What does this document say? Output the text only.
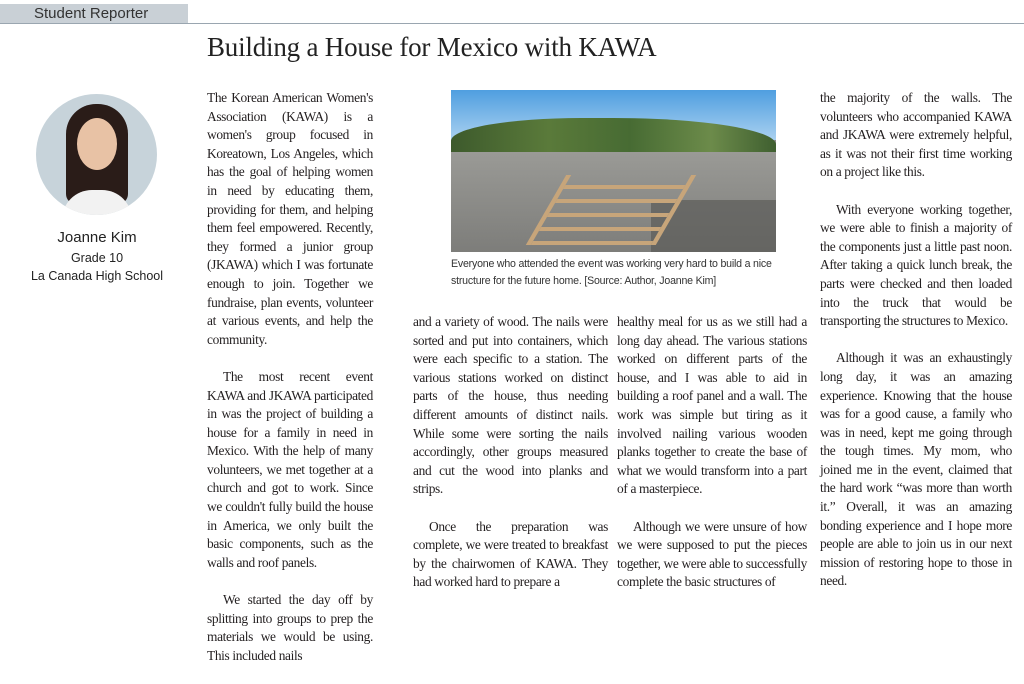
Student Reporter
Building a House for Mexico with KAWA
Joanne Kim
Grade 10
La Canada High School
Everyone who attended the event was working very hard to build a nice structure for the future home. [Source: Author, Joanne Kim]

The Korean American Women's Association (KAWA) is a women's group focused in Koreatown, Los Angeles, which has the goal of helping women in need by educating them, providing for them, and helping them feel empowered. Recently, they formed a junior group (JKAWA) which I was fortunate enough to join. Together we fundraise, plan events, volunteer at various events, and help the community.

The most recent event KAWA and JKAWA participated in was the project of building a house for a family in need in Mexico. With the help of many volunteers, we met together at a church and got to work. Since we couldn't fully build the house in America, we only built the basic components, such as the walls and roof panels.

We started the day off by splitting into groups to prep the materials we would be using. This included nails

and a variety of wood. The nails were sorted and put into containers, which were each specific to a station. The various stations worked on distinct parts of the house, thus needing different amounts of distinct nails. While some were sorting the nails accordingly, other groups measured and cut the wood into planks and strips.

Once the preparation was complete, we were treated to breakfast by the chairwomen of KAWA. They had worked hard to prepare a

healthy meal for us as we still had a long day ahead. The various stations worked on different parts of the house, and I was able to aid in building a roof panel and a wall. The work was simple but tiring as it involved nailing various wooden planks together to create the base of what we would transform into a part of a masterpiece.

Although we were unsure of how we were supposed to put the pieces together, we were able to successfully complete the basic structures of

the majority of the walls. The volunteers who accompanied KAWA and JKAWA were extremely helpful, as it was not their first time working on a project like this.

With everyone working together, we were able to finish a majority of the components just a little past noon. After taking a quick lunch break, the parts were checked and then loaded into the truck that would be transporting the structures to Mexico.

Although it was an exhaustingly long day, it was an amazing experience. Knowing that the house was for a good cause, a family who was in need, kept me going through the tough times. My mom, who joined me in the event, claimed that the hard work “was more than worth it.” Overall, it was an amazing bonding experience and I hope more people are able to join us in our next mission of restoring hope to those in need.
